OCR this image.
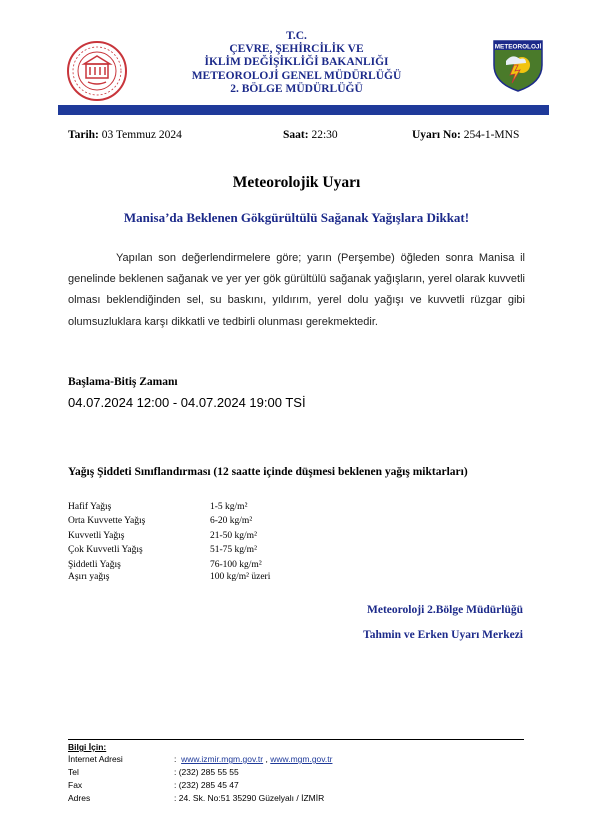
T.C.
ÇEVRE, ŞEHİRCİLİK VE
İKLİM DEĞİŞİKLİĞİ BAKANLIĞI
METEOROLOJİ GENEL MÜDÜRLÜĞÜ
2. BÖLGE MÜDÜRLÜĞÜ
METEOROLOJİ
Tarih: 03 Temmuz 2024	Saat: 22:30	Uyarı No: 254-1-MNS
Meteorolojik Uyarı
Manisa’da Beklenen Gökgürültülü Sağanak Yağışlara Dikkat!
Yapılan son değerlendirmelere göre; yarın (Perşembe) öğleden sonra Manisa il genelinde beklenen sağanak ve yer yer gök gürültülü sağanak yağışların, yerel olarak kuvvetli olması beklendiğinden sel, su baskını, yıldırım, yerel dolu yağışı ve kuvvetli rüzgar gibi olumsuzluklara karşı dikkatli ve tedbirli olunması gerekmektedir.
Başlama-Bitiş Zamanı
04.07.2024 12:00 - 04.07.2024 19:00 TSİ
Yağış Şiddeti Sınıflandırması (12 saatte içinde düşmesi beklenen yağış miktarları)
Hafif Yağış	1-5 kg/m²
Orta Kuvvette Yağış	6-20 kg/m²
Kuvvetli Yağış	21-50 kg/m²
Çok Kuvvetli Yağış	51-75 kg/m²
Şiddetli Yağış	76-100 kg/m²
Aşırı yağış	100 kg/m² üzeri
Meteoroloji 2.Bölge Müdürlüğü
Tahmin ve Erken Uyarı Merkezi
Bilgi İçin:
İnternet Adresi	: www.izmir.mgm.gov.tr , www.mgm.gov.tr
Tel	: (232) 285 55 55
Fax	: (232) 285 45 47
Adres	: 24. Sk. No:51 35290 Güzelyalı / İZMİR
